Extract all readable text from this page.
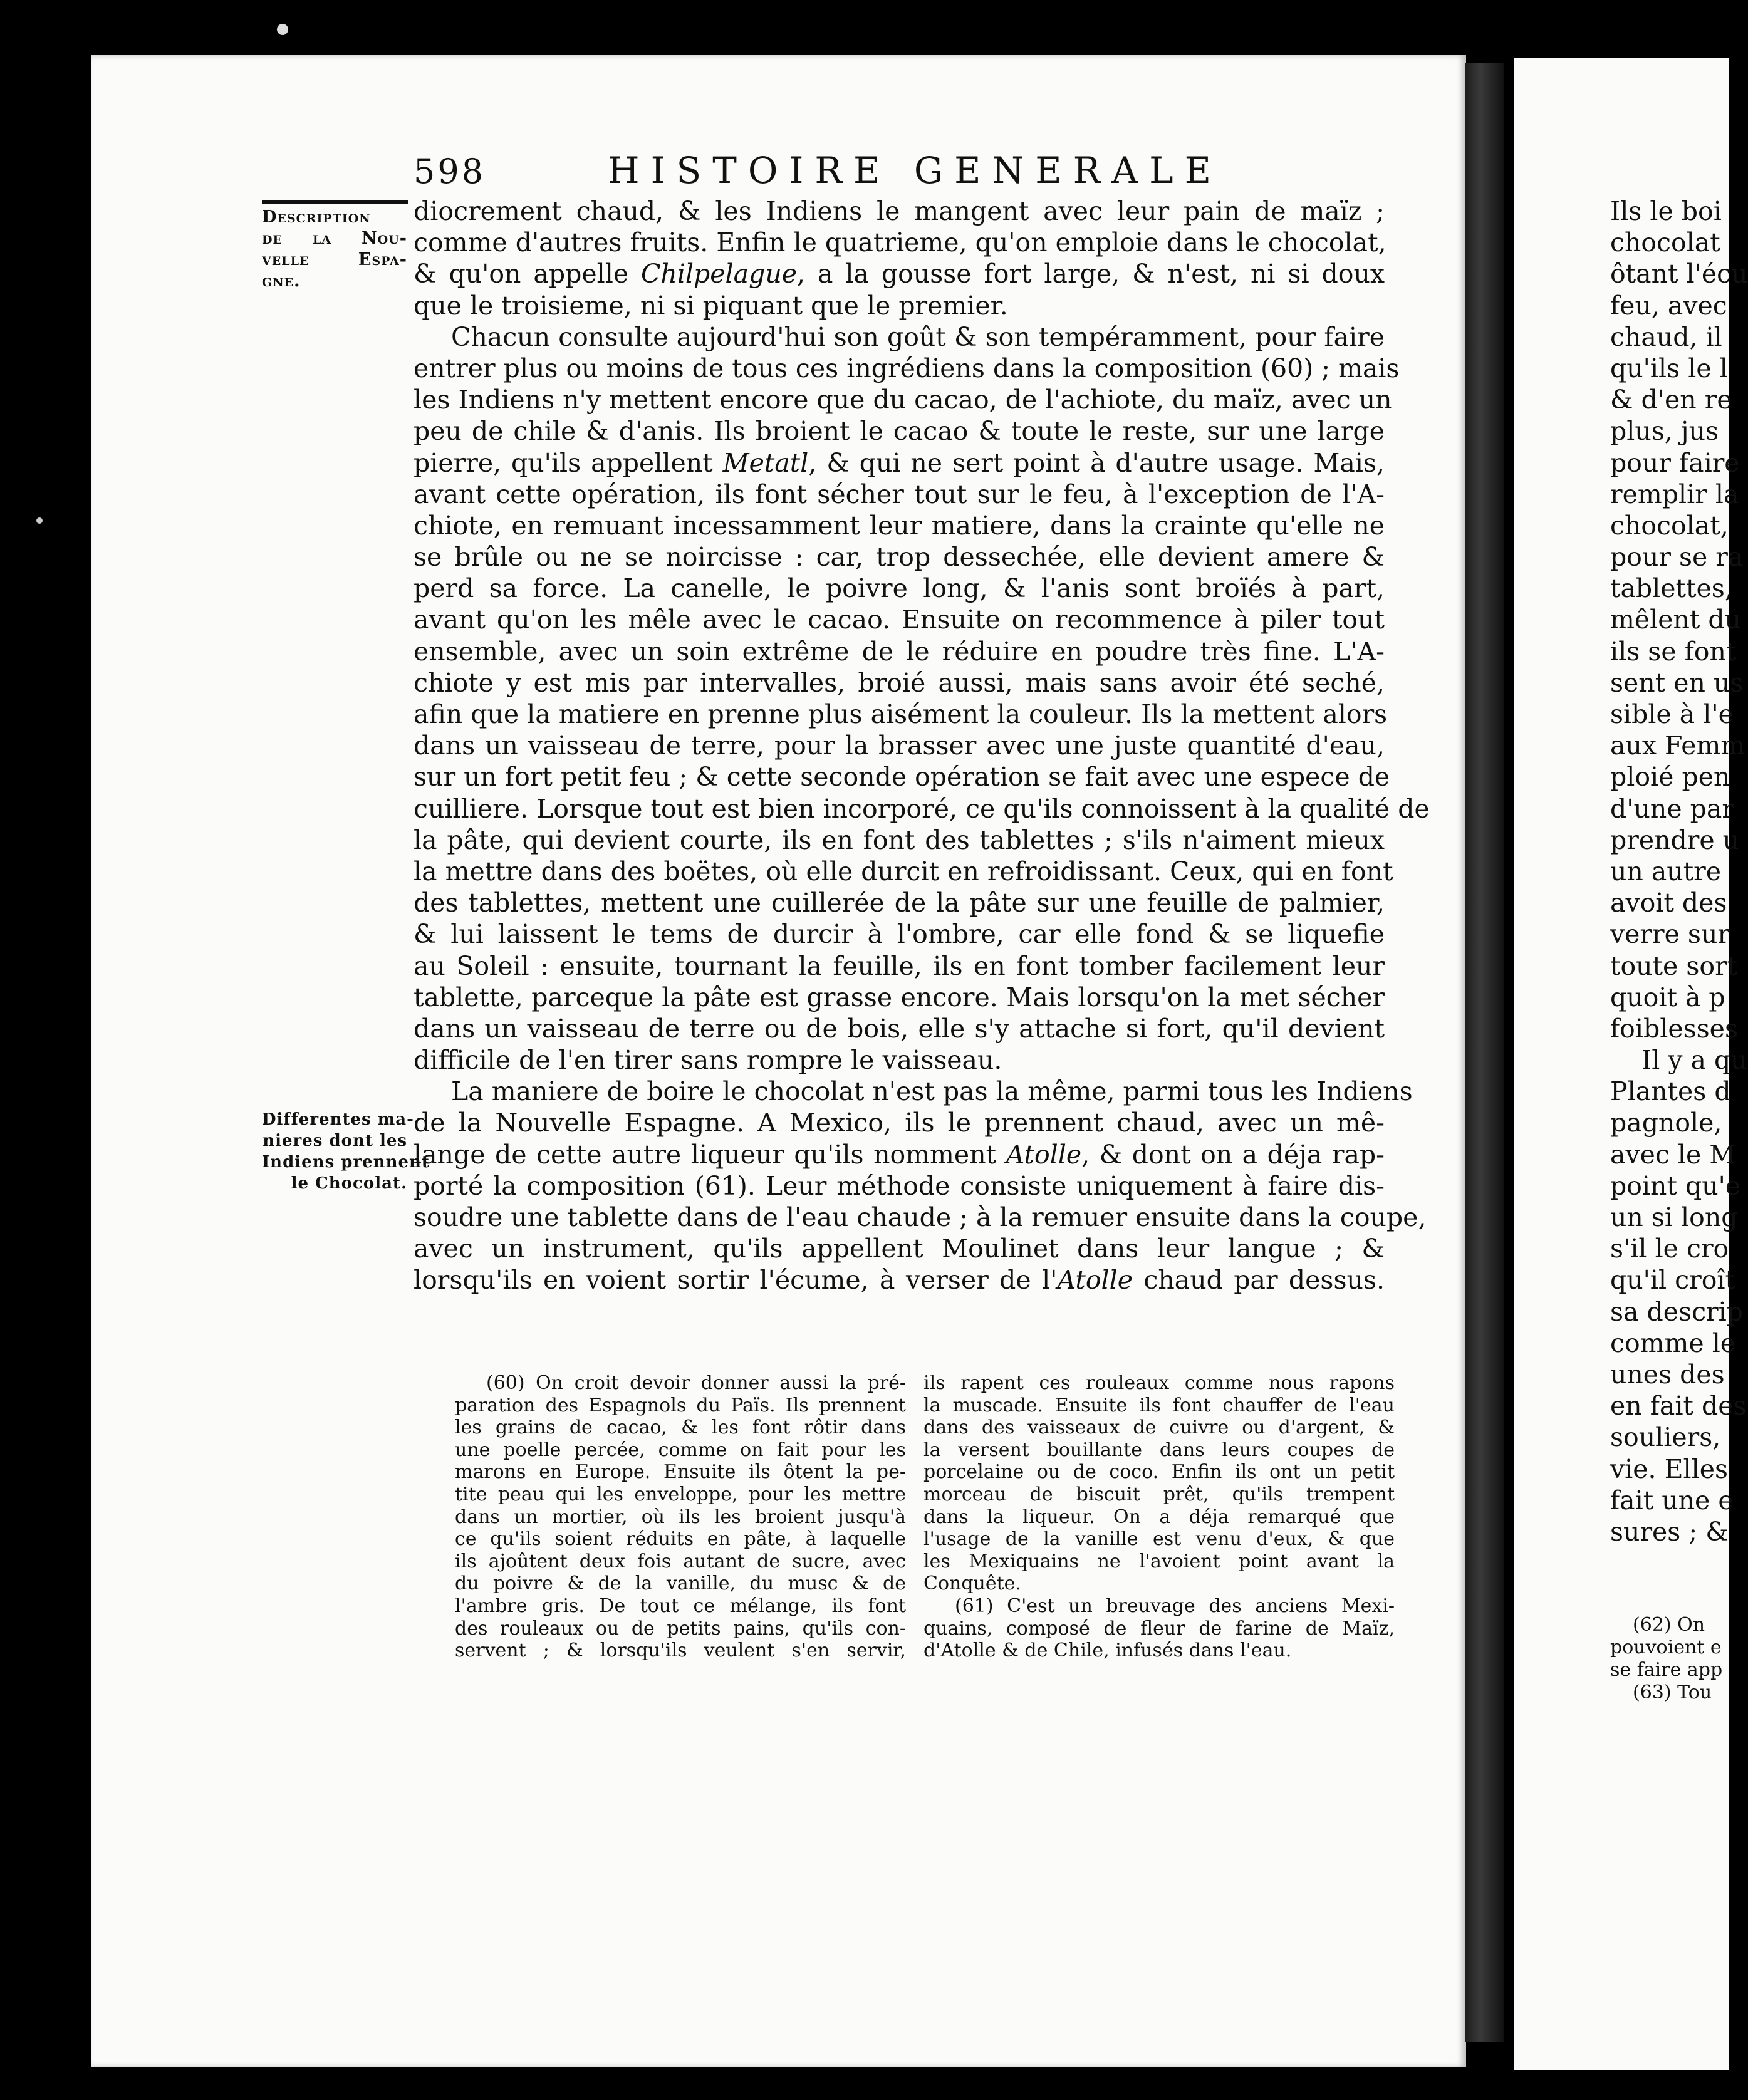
598	HISTOIRE GENERALE
Description
de la Nou-
velle Espa-
gne.
Differentes ma-
nieres dont les
Indiens prennent
le Chocolat.
diocrement chaud, & les Indiens le mangent avec leur pain de maïz ;
comme d'autres fruits. Enfin le quatrieme, qu'on emploie dans le chocolat,
& qu'on appelle Chilpelague, a la gousse fort large, & n'est, ni si doux
que le troisieme, ni si piquant que le premier.
Chacun consulte aujourd'hui son goût & son tempéramment, pour faire
entrer plus ou moins de tous ces ingrédiens dans la composition (60) ; mais
les Indiens n'y mettent encore que du cacao, de l'achiote, du maïz, avec un
peu de chile & d'anis. Ils broient le cacao & toute le reste, sur une large
pierre, qu'ils appellent Metatl, & qui ne sert point à d'autre usage. Mais,
avant cette opération, ils font sécher tout sur le feu, à l'exception de l'A-
chiote, en remuant incessamment leur matiere, dans la crainte qu'elle ne
se brûle ou ne se noircisse : car, trop dessechée, elle devient amere &
perd sa force. La canelle, le poivre long, & l'anis sont broïés à part,
avant qu'on les mêle avec le cacao. Ensuite on recommence à piler tout
ensemble, avec un soin extrême de le réduire en poudre très fine. L'A-
chiote y est mis par intervalles, broié aussi, mais sans avoir été seché,
afin que la matiere en prenne plus aisément la couleur. Ils la mettent alors
dans un vaisseau de terre, pour la brasser avec une juste quantité d'eau,
sur un fort petit feu ; & cette seconde opération se fait avec une espece de
cuilliere. Lorsque tout est bien incorporé, ce qu'ils connoissent à la qualité de
la pâte, qui devient courte, ils en font des tablettes ; s'ils n'aiment mieux
la mettre dans des boëtes, où elle durcit en refroidissant. Ceux, qui en font
des tablettes, mettent une cuillerée de la pâte sur une feuille de palmier,
& lui laissent le tems de durcir à l'ombre, car elle fond & se liquefie
au Soleil : ensuite, tournant la feuille, ils en font tomber facilement leur
tablette, parceque la pâte est grasse encore. Mais lorsqu'on la met sécher
dans un vaisseau de terre ou de bois, elle s'y attache si fort, qu'il devient
difficile de l'en tirer sans rompre le vaisseau.
La maniere de boire le chocolat n'est pas la même, parmi tous les Indiens
de la Nouvelle Espagne. A Mexico, ils le prennent chaud, avec un mê-
lange de cette autre liqueur qu'ils nomment Atolle, & dont on a déja rap-
porté la composition (61). Leur méthode consiste uniquement à faire dis-
soudre une tablette dans de l'eau chaude ; à la remuer ensuite dans la coupe,
avec un instrument, qu'ils appellent Moulinet dans leur langue ; &
lorsqu'ils en voient sortir l'écume, à verser de l'Atolle chaud par dessus.
(60) On croit devoir donner aussi la pré-
paration des Espagnols du Païs. Ils prennent
les grains de cacao, & les font rôtir dans
une poelle percée, comme on fait pour les
marons en Europe. Ensuite ils ôtent la pe-
tite peau qui les enveloppe, pour les mettre
dans un mortier, où ils les broient jusqu'à
ce qu'ils soient réduits en pâte, à laquelle
ils ajoûtent deux fois autant de sucre, avec
du poivre & de la vanille, du musc & de
l'ambre gris. De tout ce mélange, ils font
des rouleaux ou de petits pains, qu'ils con-
servent ; & lorsqu'ils veulent s'en servir,
ils rapent ces rouleaux comme nous rapons
la muscade. Ensuite ils font chauffer de l'eau
dans des vaisseaux de cuivre ou d'argent, &
la versent bouillante dans leurs coupes de
porcelaine ou de coco. Enfin ils ont un petit
morceau de biscuit prêt, qu'ils trempent
dans la liqueur. On a déja remarqué que
l'usage de la vanille est venu d'eux, & que
les Mexiquains ne l'avoient point avant la
Conquête.
(61) C'est un breuvage des anciens Mexi-
quains, composé de fleur de farine de Maïz,
d'Atolle & de Chile, infusés dans l'eau.
Ils le boi
chocolat
ôtant l'écu
feu, avec
chaud, il
qu'ils le l
& d'en re
plus, jus
pour faire
remplir la
chocolat,
pour se ra
tablettes,
mêlent du
ils se font
sent en us
sible à l'e
aux Femm
ploié pen
d'une par
prendre u
un autre
avoit des
verre sur
toute sort
quoit à p
foiblesses
Il y a qu
Plantes d
pagnole,
avec le M
point qu'e
un si long
s'il le cro
qu'il croît
sa descrip
comme le
unes des
en fait des
souliers,
vie. Elles
fait une e
sures ; &
(62) On
pouvoient e
se faire app
(63) Tou
